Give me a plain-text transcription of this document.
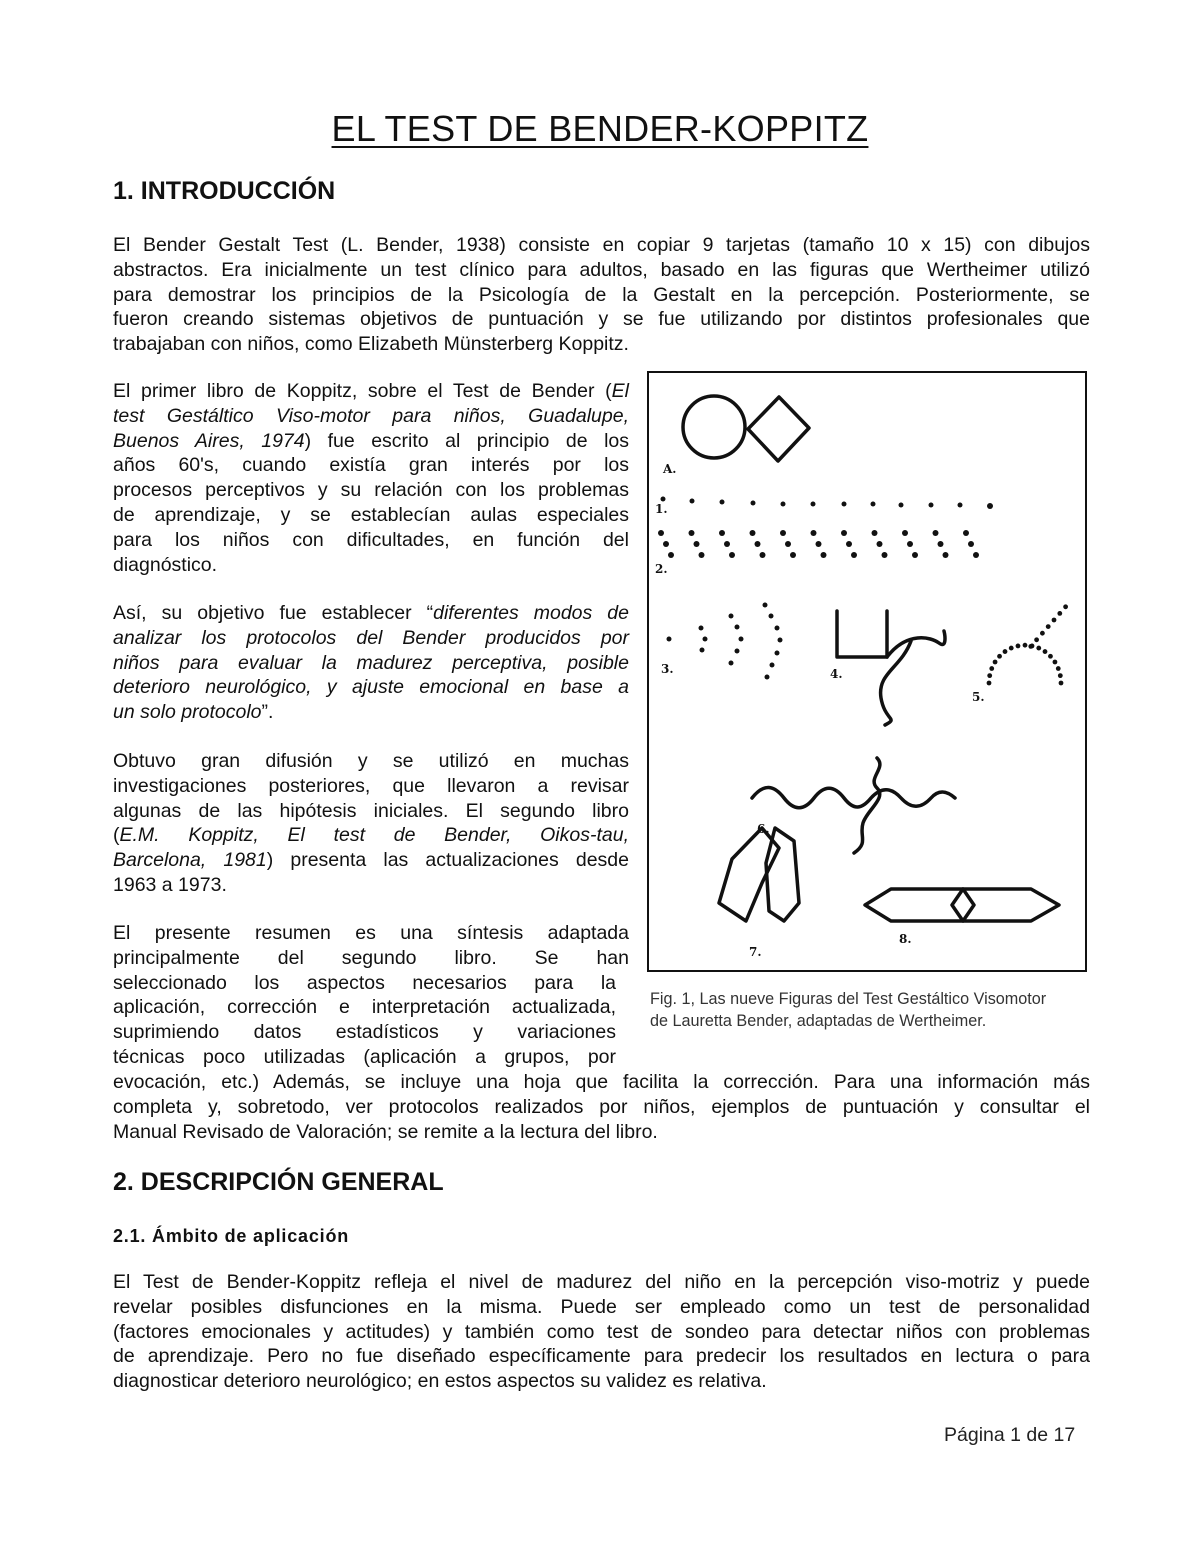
EL TEST DE BENDER-KOPPITZ
1. INTRODUCCIÓN
El Bender Gestalt Test (L. Bender, 1938) consiste en copiar 9 tarjetas (tamaño 10 x 15) con dibujos
abstractos. Era inicialmente un test clínico para adultos, basado en las figuras que Wertheimer utilizó
para demostrar los principios de la Psicología de la Gestalt en la percepción. Posteriormente, se
fueron creando sistemas objetivos de puntuación y se fue utilizando por distintos profesionales que
trabajaban con niños, como Elizabeth Münsterberg Koppitz.
El primer libro de Koppitz, sobre el Test de Bender (El
test Gestáltico Viso-motor para niños, Guadalupe,
Buenos Aires, 1974) fue escrito al principio de los
años 60's, cuando existía gran interés por los
procesos perceptivos y su relación con los problemas
de aprendizaje, y se establecían aulas especiales
para los niños con dificultades, en función del
diagnóstico.
Así, su objetivo fue establecer “diferentes modos de
analizar los protocolos del Bender producidos por
niños para evaluar la madurez perceptiva, posible
deterioro neurológico, y ajuste emocional en base a
un solo protocolo”.
Obtuvo gran difusión y se utilizó en muchas
investigaciones posteriores, que llevaron a revisar
algunas de las hipótesis iniciales. El segundo libro
(E.M. Koppitz, El test de Bender, Oikos-tau,
Barcelona, 1981) presenta las actualizaciones desde
1963 a 1973.
El presente resumen es una síntesis adaptada
principalmente del segundo libro. Se han
seleccionado los aspectos necesarios para la
aplicación, corrección e interpretación actualizada,
suprimiendo datos estadísticos y variaciones
técnicas poco utilizadas (aplicación a grupos, por
evocación, etc.) Además, se incluye una hoja que facilita la corrección. Para una información más
completa y, sobretodo, ver protocolos realizados por niños, ejemplos de puntuación y consultar el
Manual Revisado de Valoración; se remite a la lectura del libro.
A.
1.
2.
3.	4.
5.
6.
7.
8.
Fig. 1, Las nueve Figuras del Test Gestáltico Visomotor
de Lauretta Bender, adaptadas de Wertheimer.
2. DESCRIPCIÓN GENERAL
2.1. Ámbito de aplicación
El Test de Bender-Koppitz refleja el nivel de madurez del niño en la percepción viso-motriz y puede
revelar posibles disfunciones en la misma. Puede ser empleado como un test de personalidad
(factores emocionales y actitudes) y también como test de sondeo para detectar niños con problemas
de aprendizaje. Pero no fue diseñado específicamente para predecir los resultados en lectura o para
diagnosticar deterioro neurológico; en estos aspectos su validez es relativa.
Página 1 de 17
